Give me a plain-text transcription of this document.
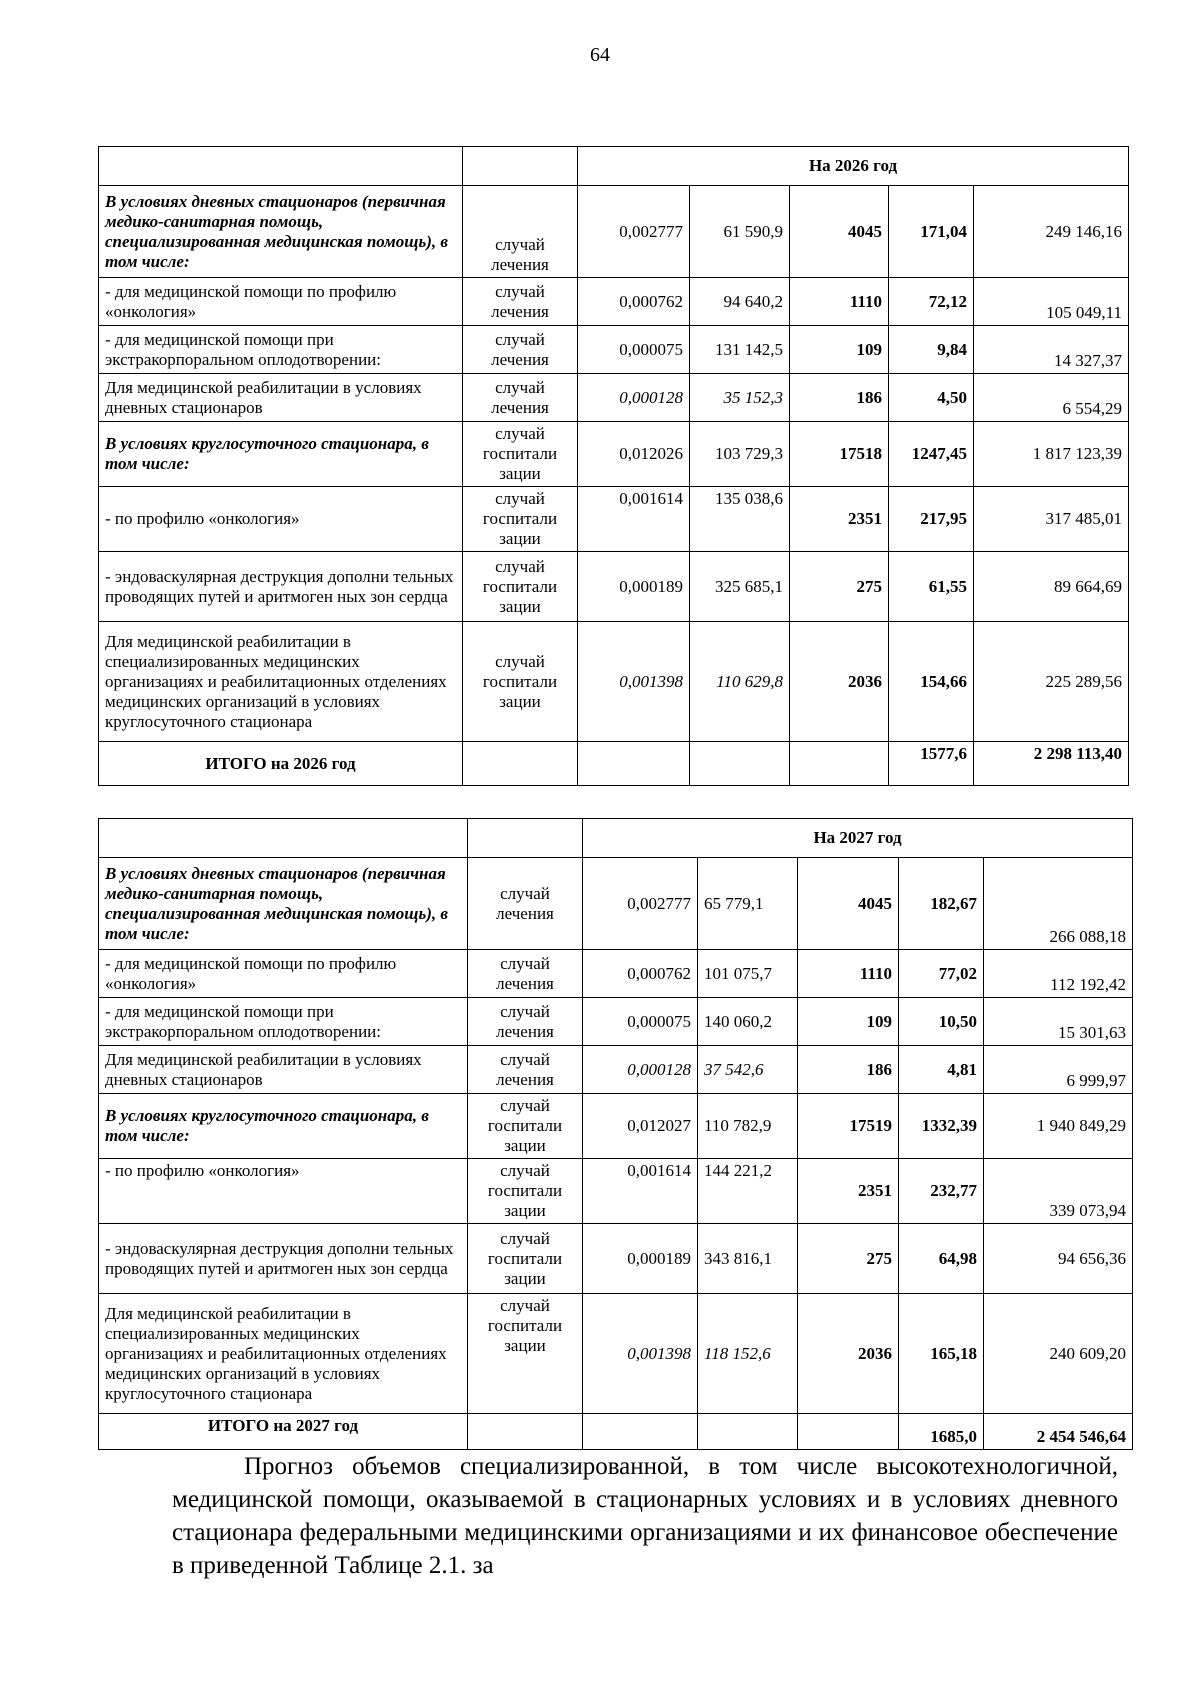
64
		На 2026 год				
В условиях дневных стационаров (первичная медико-санитарная помощь, специализированная медицинская помощь), в том числе:	случай лечения	0,002777	61 590,9	4045	171,04	249 146,16
- для медицинской помощи по профилю «онкология»	случай лечения	0,000762	94 640,2	1110	72,12	105 049,11
- для медицинской помощи при экстракорпоральном оплодотворении:	случай лечения	0,000075	131 142,5	109	9,84	14 327,37
Для медицинской реабилитации в условиях дневных стационаров	случай лечения	0,000128	35 152,3	186	4,50	6 554,29
В условиях круглосуточного стационара, в том числе:	случай госпитали зации	0,012026	103 729,3	17518	1247,45	1 817 123,39
- по профилю «онкология»	случай госпитали зации	0,001614	135 038,6	2351	217,95	317 485,01
- эндоваскулярная деструкция дополни тельных проводящих путей и аритмоген ных зон сердца	случай госпитали зации	0,000189	325 685,1	275	61,55	89 664,69
Для медицинской реабилитации в специализированных медицинских организациях и реабилитационных отделениях медицинских организаций в условиях круглосуточного стационара	случай госпитали зации	0,001398	110 629,8	2036	154,66	225 289,56
ИТОГО на 2026 год					1577,6	2 298 113,40
		На 2027 год				
В условиях дневных стационаров (первичная медико-санитарная помощь, специализированная медицинская помощь), в том числе:	случай лечения	0,002777	65 779,1	4045	182,67	266 088,18
- для медицинской помощи по профилю «онкология»	случай лечения	0,000762	101 075,7	1110	77,02	112 192,42
- для медицинской помощи при экстракорпоральном оплодотворении:	случай лечения	0,000075	140 060,2	109	10,50	15 301,63
Для медицинской реабилитации в условиях дневных стационаров	случай лечения	0,000128	37 542,6	186	4,81	6 999,97
В условиях круглосуточного стационара, в том числе:	случай госпитали зации	0,012027	110 782,9	17519	1332,39	1 940 849,29
- по профилю «онкология»	случай госпитали зации	0,001614	144 221,2	2351	232,77	339 073,94
- эндоваскулярная деструкция дополни тельных проводящих путей и аритмоген ных зон сердца	случай госпитали зации	0,000189	343 816,1	275	64,98	94 656,36
Для медицинской реабилитации в специализированных медицинских организациях и реабилитационных отделениях медицинских организаций в условиях круглосуточного стационара	случай госпитали зации	0,001398	118 152,6	2036	165,18	240 609,20
ИТОГО на 2027 год					1685,0	2 454 546,64
Прогноз объемов специализированной, в том числе высокотехнологичной, медицинской помощи, оказываемой в стационарных условиях и в условиях дневного стационара федеральными медицинскими организациями и их финансовое обеспечение в приведенной Таблице 2.1. за
